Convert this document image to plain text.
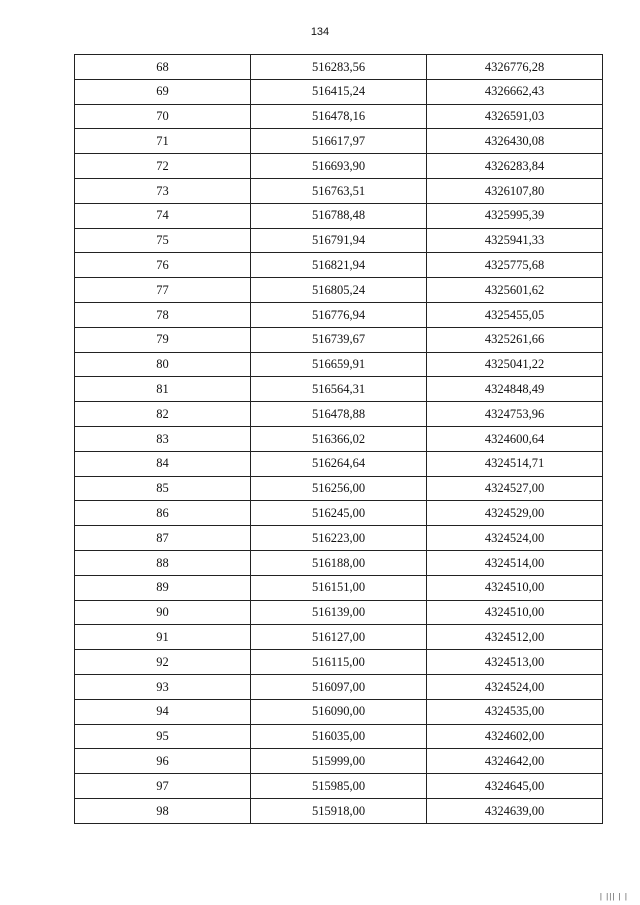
134
68	516283,56	4326776,28
69	516415,24	4326662,43
70	516478,16	4326591,03
71	516617,97	4326430,08
72	516693,90	4326283,84
73	516763,51	4326107,80
74	516788,48	4325995,39
75	516791,94	4325941,33
76	516821,94	4325775,68
77	516805,24	4325601,62
78	516776,94	4325455,05
79	516739,67	4325261,66
80	516659,91	4325041,22
81	516564,31	4324848,49
82	516478,88	4324753,96
83	516366,02	4324600,64
84	516264,64	4324514,71
85	516256,00	4324527,00
86	516245,00	4324529,00
87	516223,00	4324524,00
88	516188,00	4324514,00
89	516151,00	4324510,00
90	516139,00	4324510,00
91	516127,00	4324512,00
92	516115,00	4324513,00
93	516097,00	4324524,00
94	516090,00	4324535,00
95	516035,00	4324602,00
96	515999,00	4324642,00
97	515985,00	4324645,00
98	515918,00	4324639,00
| ||| | |
